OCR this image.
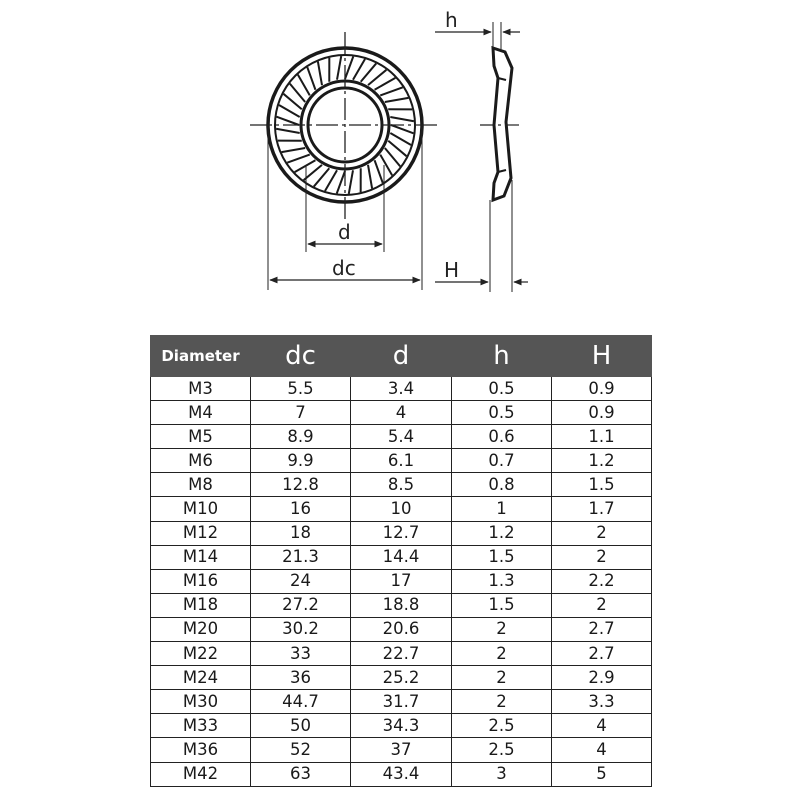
d
dc
h
H
Diameter	dc	d	h	H
M3	5.5	3.4	0.5	0.9
M4	7	4	0.5	0.9
M5	8.9	5.4	0.6	1.1
M6	9.9	6.1	0.7	1.2
M8	12.8	8.5	0.8	1.5
M10	16	10	1	1.7
M12	18	12.7	1.2	2
M14	21.3	14.4	1.5	2
M16	24	17	1.3	2.2
M18	27.2	18.8	1.5	2
M20	30.2	20.6	2	2.7
M22	33	22.7	2	2.7
M24	36	25.2	2	2.9
M30	44.7	31.7	2	3.3
M33	50	34.3	2.5	4
M36	52	37	2.5	4
M42	63	43.4	3	5
